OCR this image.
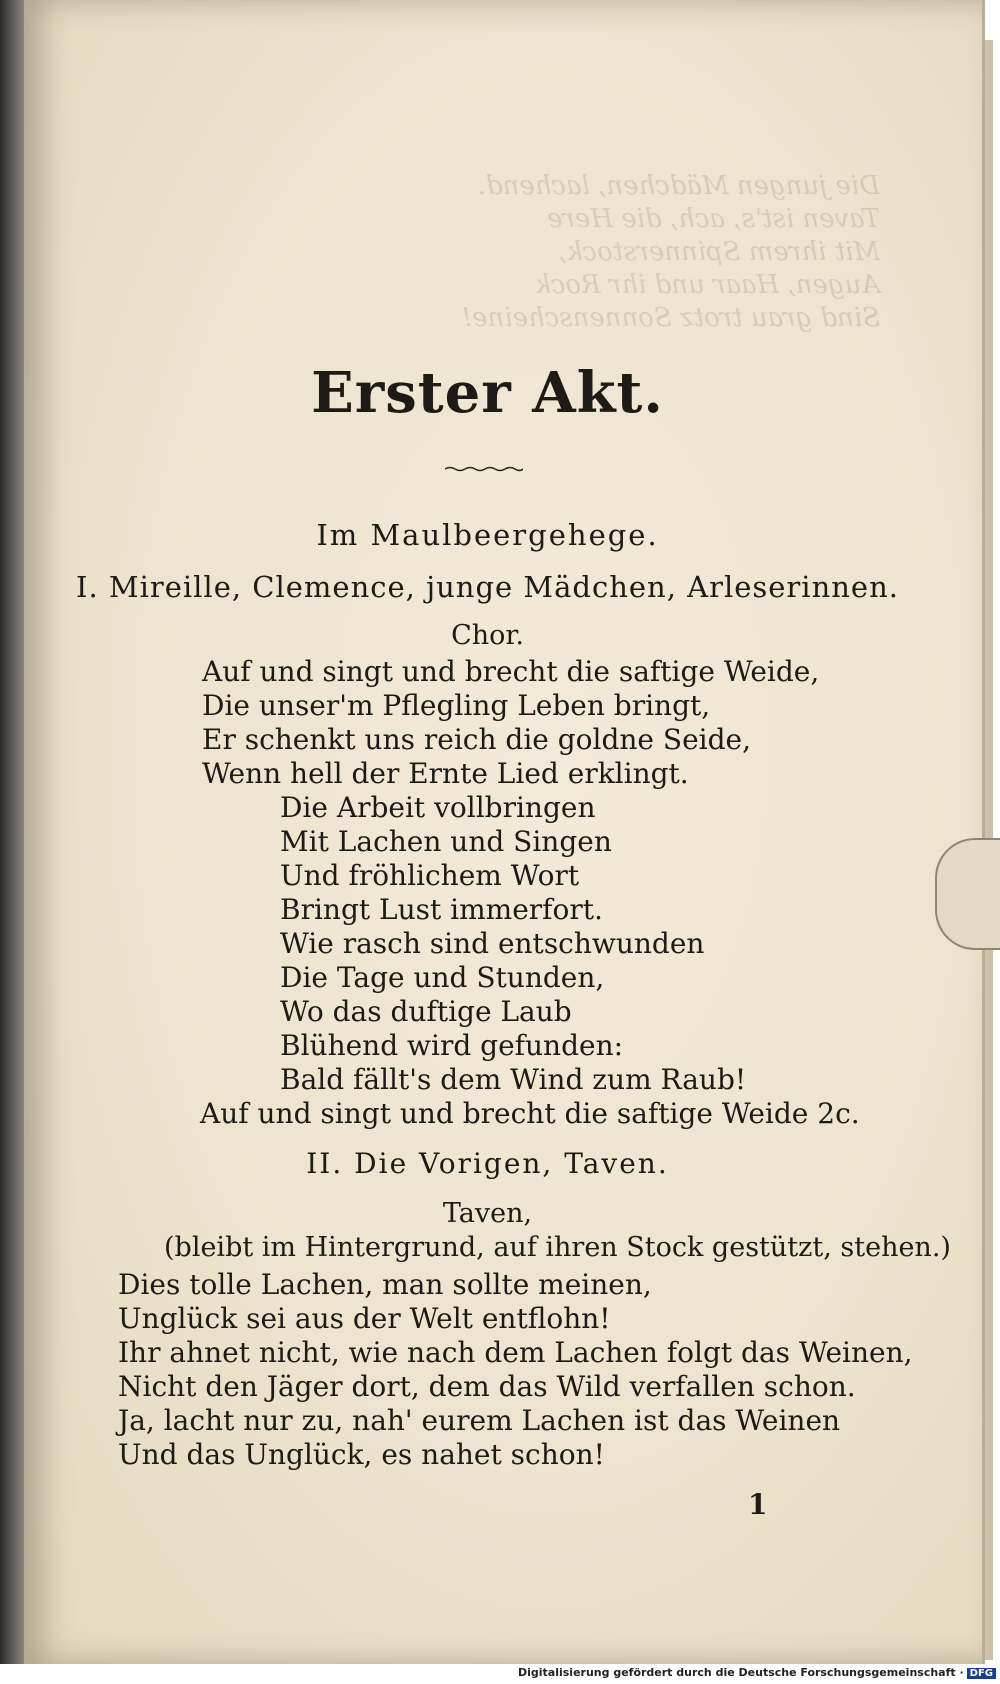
Erster Akt.
Im Maulbeergehege.
I. Mireille, Clemence, junge Mädchen, Arleserinnen.
Chor.
Auf und singt und brecht die saftige Weide,
Die unser'm Pflegling Leben bringt,
Er schenkt uns reich die goldne Seide,
Wenn hell der Ernte Lied erklingt.
Die Arbeit vollbringen
Mit Lachen und Singen
Und fröhlichem Wort
Bringt Lust immerfort.
Wie rasch sind entschwunden
Die Tage und Stunden,
Wo das duftige Laub
Blühend wird gefunden:
Bald fällt's dem Wind zum Raub!
Auf und singt und brecht die saftige Weide 2c.
II. Die Vorigen, Taven.
Taven,
(bleibt im Hintergrund, auf ihren Stock gestützt, stehen.)
Dies tolle Lachen, man sollte meinen,
Unglück sei aus der Welt entflohn!
Ihr ahnet nicht, wie nach dem Lachen folgt das Weinen,
Nicht den Jäger dort, dem das Wild verfallen schon.
Ja, lacht nur zu, nah' eurem Lachen ist das Weinen
Und das Unglück, es nahet schon!
1
Digitalisierung gefördert durch die Deutsche Forschungsgemeinschaft · DFG
